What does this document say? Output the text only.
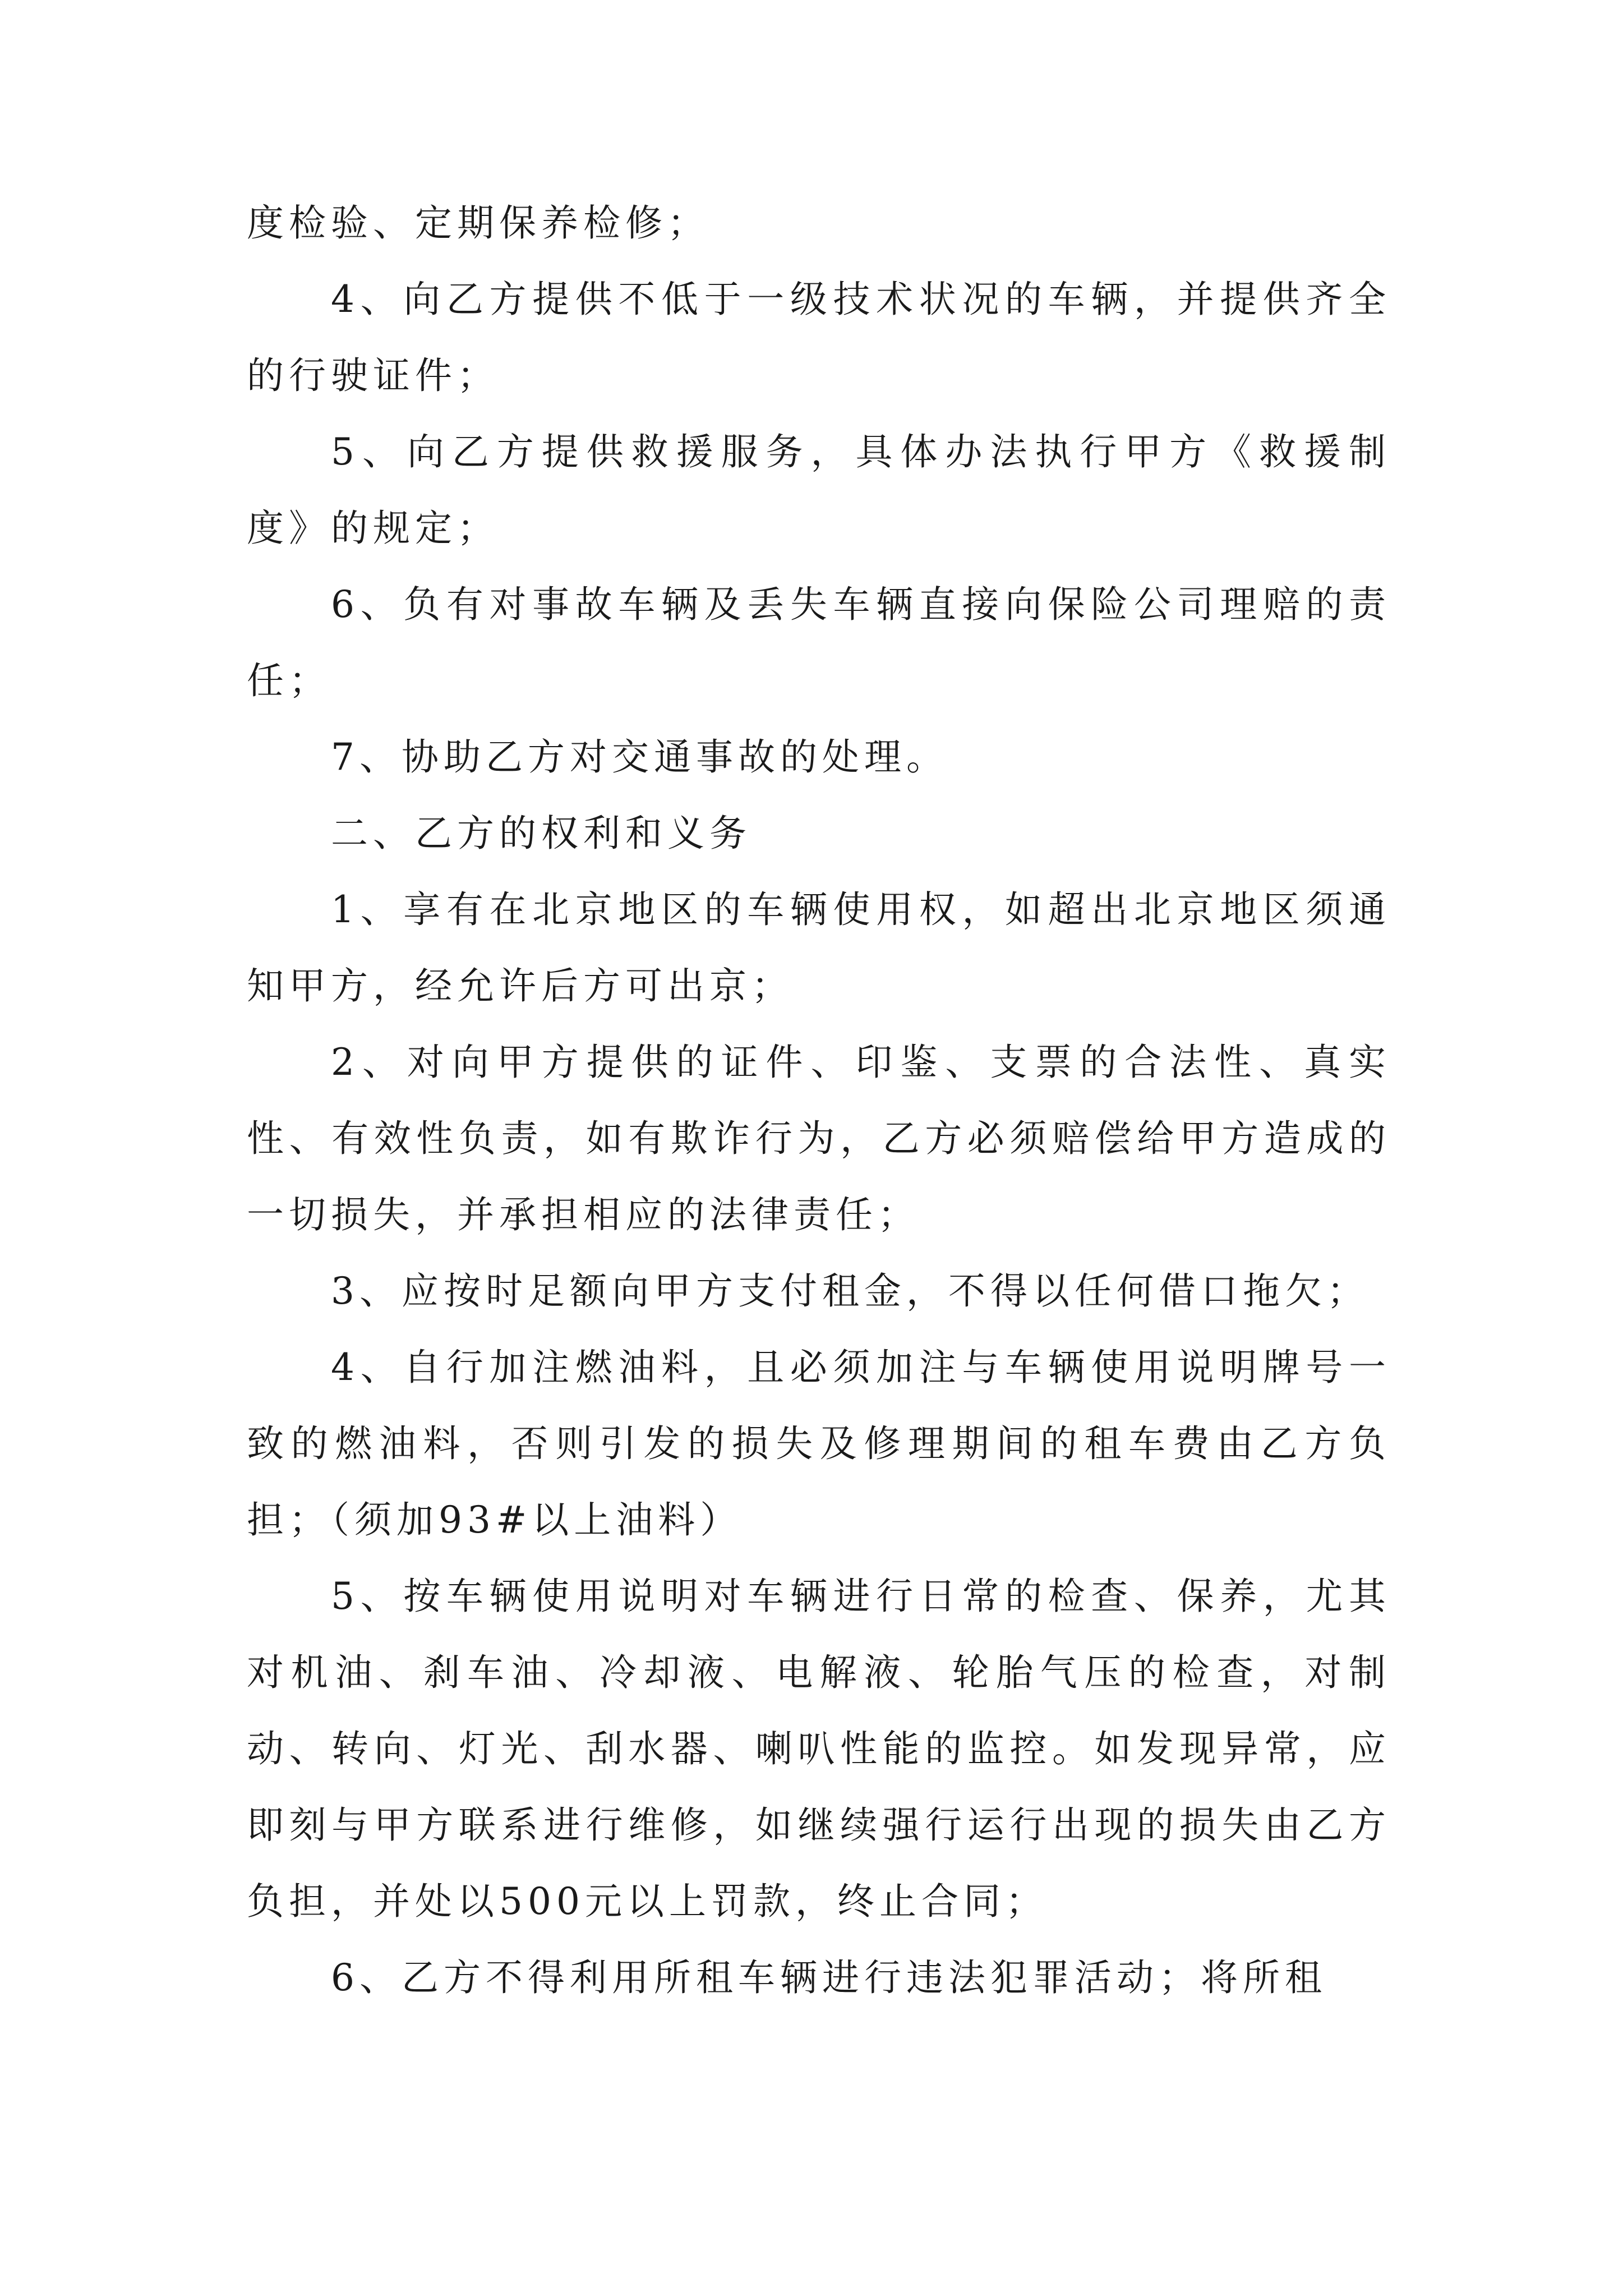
度检验、定期保养检修；

4、向乙方提供不低于一级技术状况的车辆，并提供齐全的行驶证件；

5、向乙方提供救援服务，具体办法执行甲方《救援制度》的规定；

6、负有对事故车辆及丢失车辆直接向保险公司理赔的责任；

7、协助乙方对交通事故的处理。

二、乙方的权利和义务

1、享有在北京地区的车辆使用权，如超出北京地区须通知甲方，经允许后方可出京；

2、对向甲方提供的证件、印鉴、支票的合法性、真实性、有效性负责，如有欺诈行为，乙方必须赔偿给甲方造成的一切损失，并承担相应的法律责任；

3、应按时足额向甲方支付租金，不得以任何借口拖欠；

4、自行加注燃油料，且必须加注与车辆使用说明牌号一致的燃油料，否则引发的损失及修理期间的租车费由乙方负担；（须加93#以上油料）

5、按车辆使用说明对车辆进行日常的检查、保养，尤其对机油、刹车油、冷却液、电解液、轮胎气压的检查，对制动、转向、灯光、刮水器、喇叭性能的监控。如发现异常，应即刻与甲方联系进行维修，如继续强行运行出现的损失由乙方负担，并处以500元以上罚款，终止合同；

6、乙方不得利用所租车辆进行违法犯罪活动；将所租
